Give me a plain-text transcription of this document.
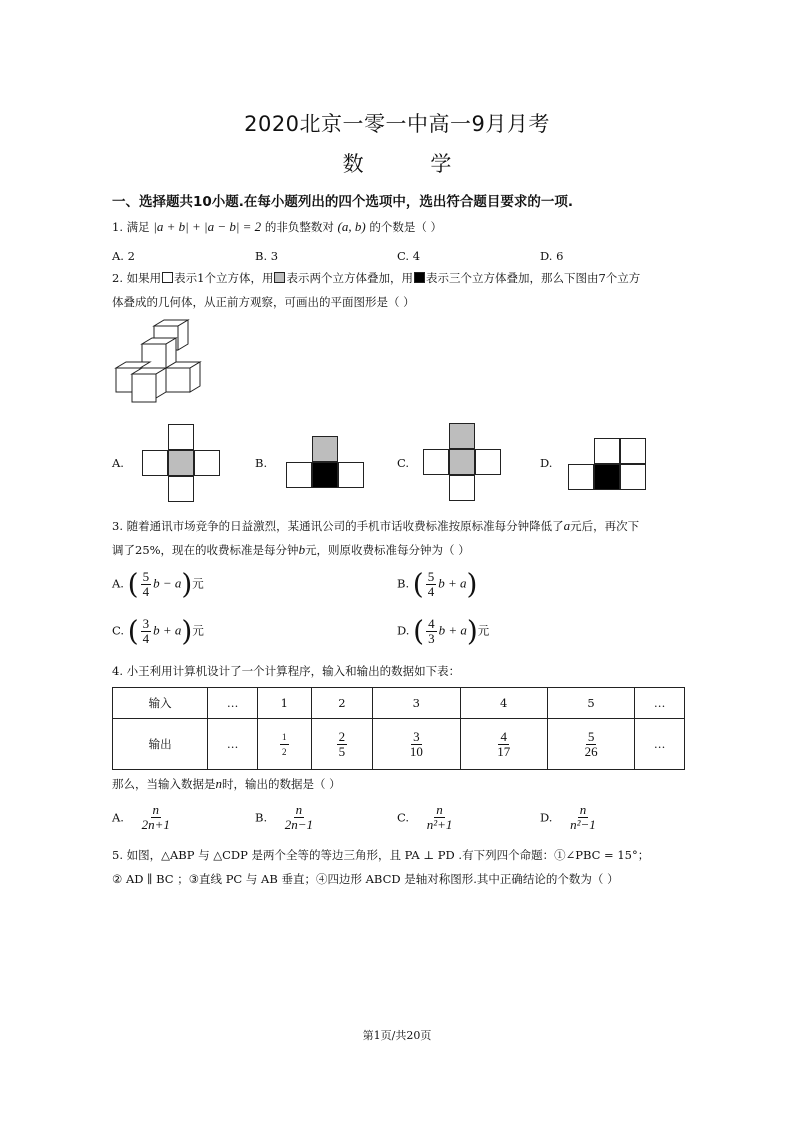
2020北京一零一中高一9月月考
数 学
一、选择题共10小题.在每小题列出的四个选项中，选出符合题目要求的一项.
1. 满足 |a + b| + |a − b| = 2 的非负整数对 (a, b) 的个数是（ ）
A. 2	B. 3	C. 4	D. 6
2. 如果用 表示1个立方体，用 表示两个立方体叠加，用 表示三个立方体叠加，那么下图由7个立方
体叠成的几何体，从正前方观察，可画出的平面图形是（ ）
A.	B.	C.	D.
3. 随着通讯市场竞争的日益激烈，某通讯公司的手机市话收费标准按原标准每分钟降低了a元后，再次下
调了25%，现在的收费标准是每分钟b元，则原收费标准每分钟为（ ）
A. ( $\frac{5}{4}$ b − a)元	B. ( $\frac{5}{4}$ b + a)
C. ( $\frac{3}{4}$ b + a)元	D. ( $\frac{4}{3}$ b + a)元
4. 小王利用计算机设计了一个计算程序，输入和输出的数据如下表：
输入	…	1	2	3	4	5	…
输出	…	$\frac{1}{2}$	$\frac{2}{5}$	$\frac{3}{10}$	$\frac{4}{17}$	$\frac{5}{26}$	…
那么，当输入数据是n时，输出的数据是（ ）
A. $\frac{n}{2n+1}$	B. $\frac{n}{2n-1}$	C. $\frac{n}{\text{n²+1}}$	D. $\frac{n}{\text{n²−1}}$
5. 如图，△ABP 与 △CDP 是两个全等的等边三角形，且 PA ⊥ PD .有下列四个命题：①∠PBC = 15°；
② AD ∥ BC ；③直线 PC 与 AB 垂直；④四边形 ABCD 是轴对称图形.其中正确结论的个数为（ ）
第1页/共20页
